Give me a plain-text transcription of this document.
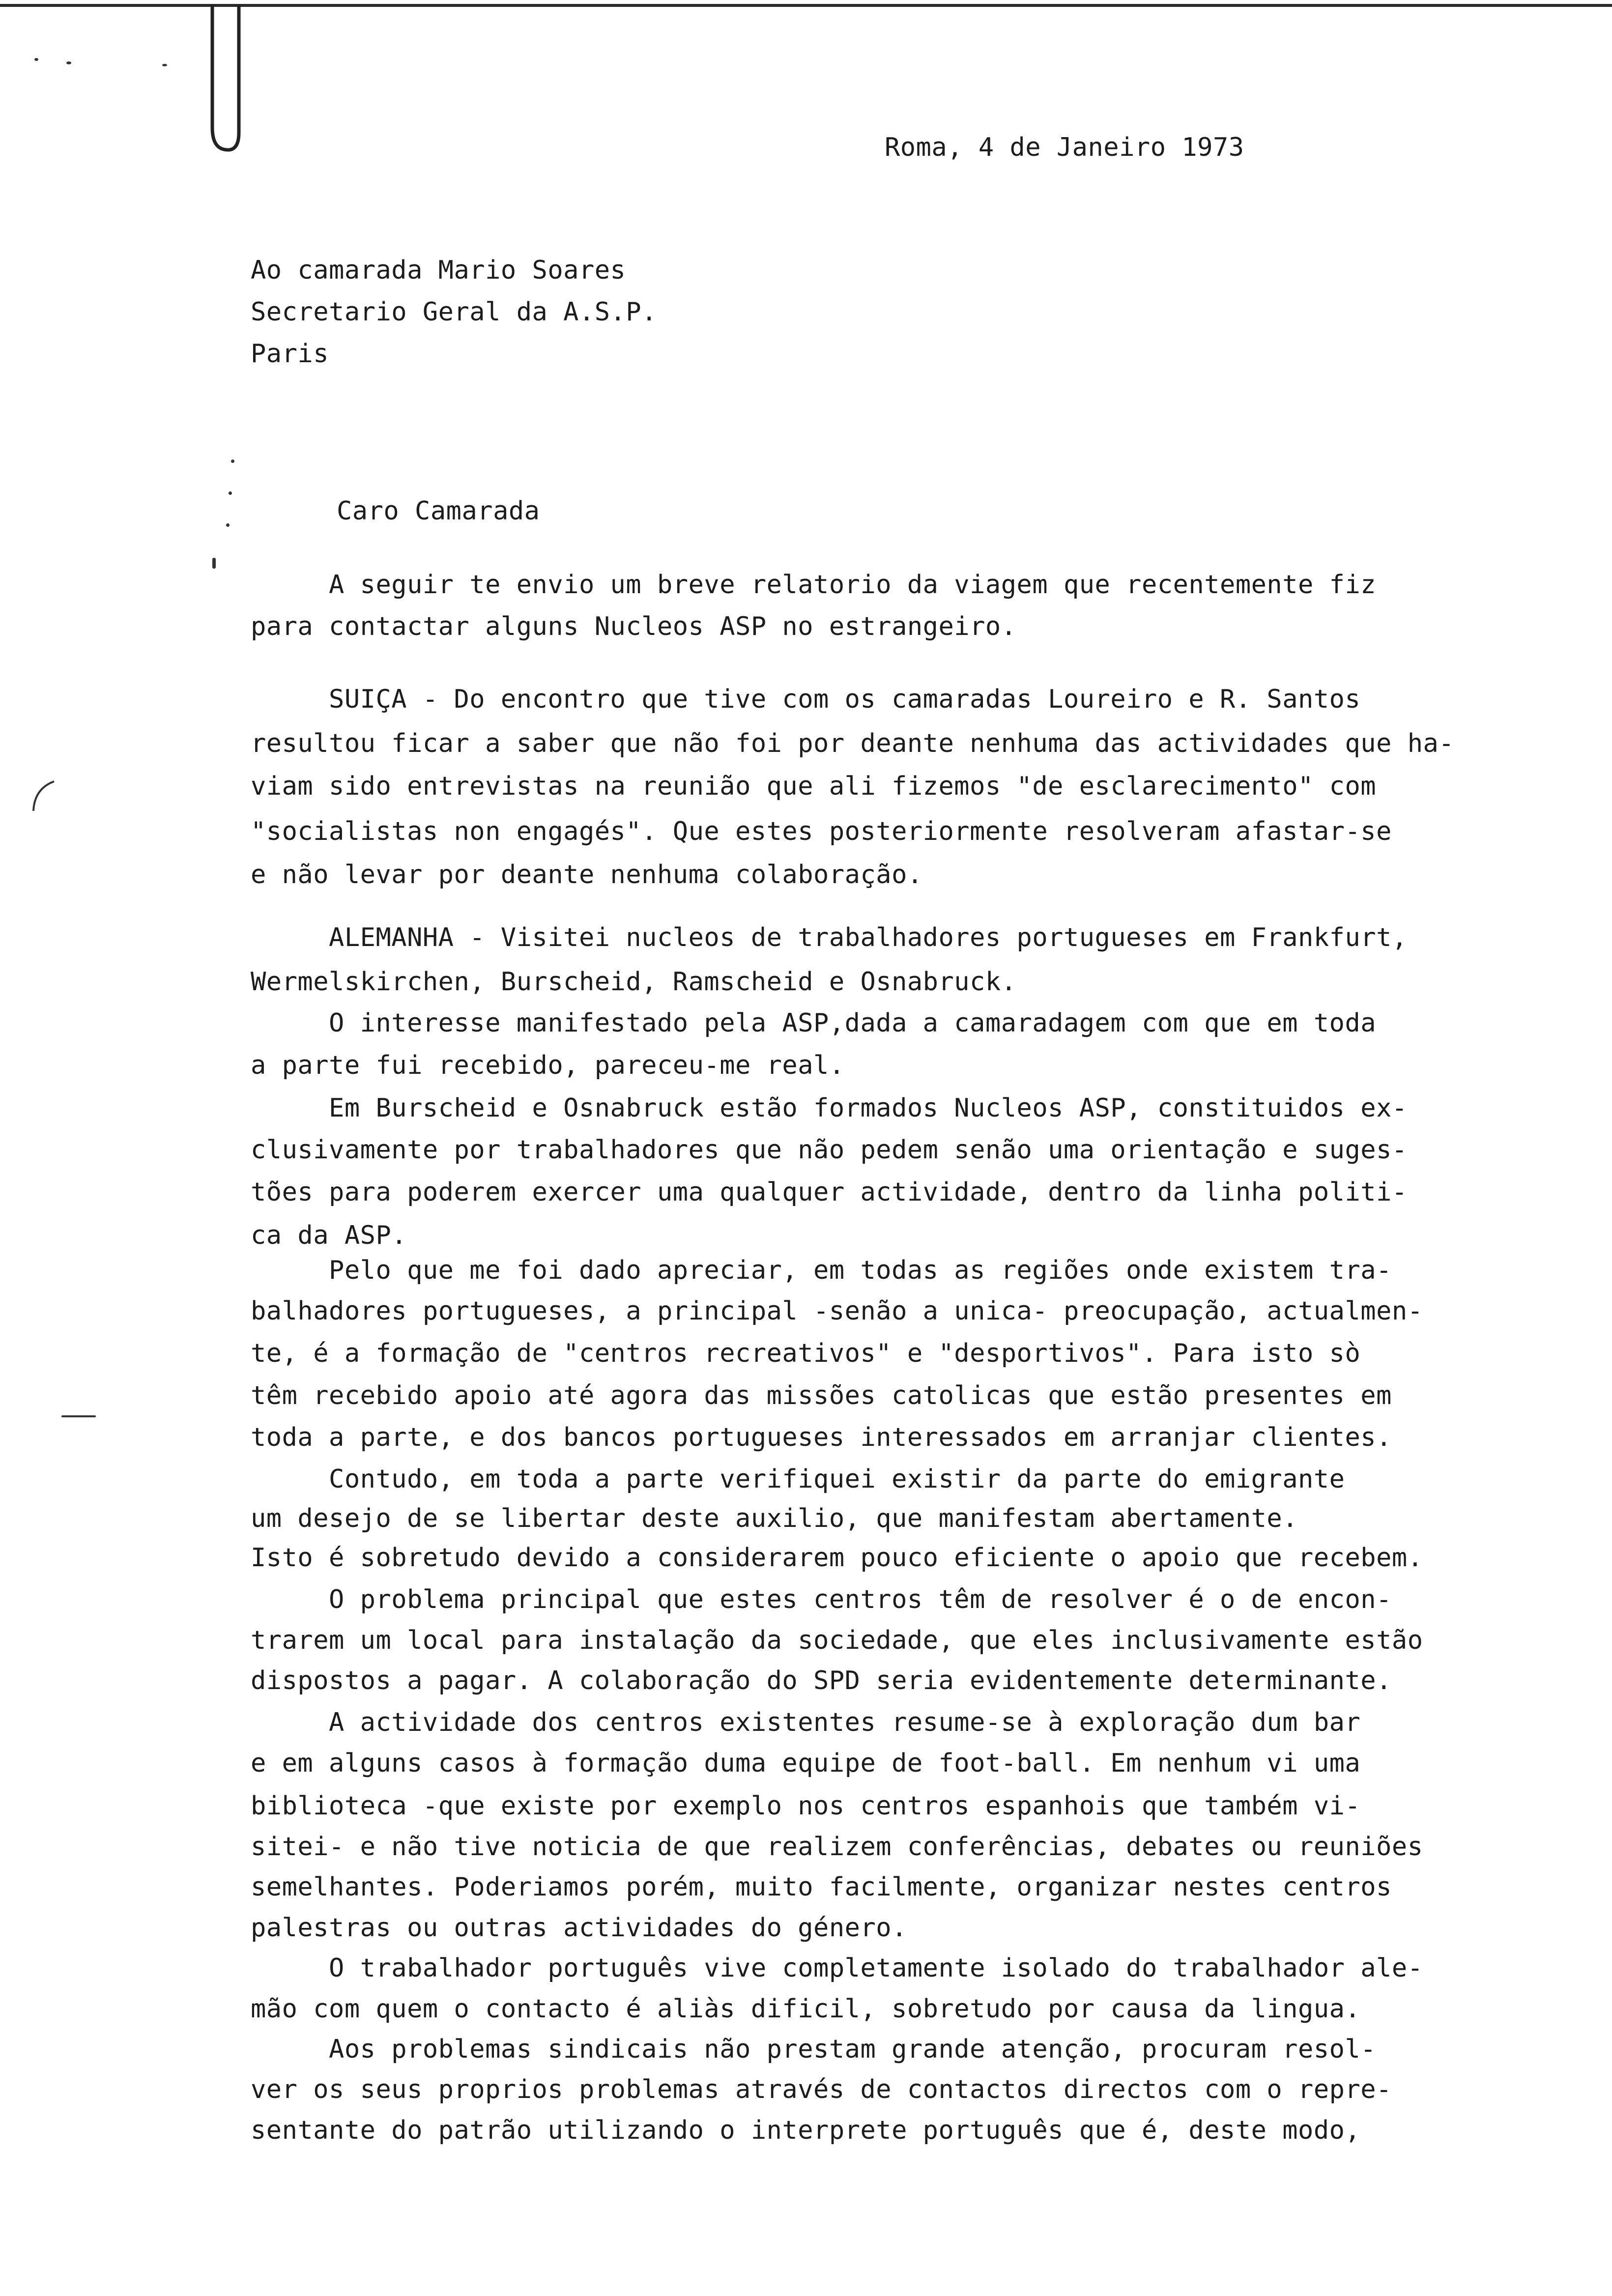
Roma, 4 de Janeiro 1973
Ao camarada Mario Soares
Secretario Geral da A.S.P.
Paris
Caro Camarada
A seguir te envio um breve relatorio da viagem que recentemente fiz
para contactar alguns Nucleos ASP no estrangeiro.
SUIÇA - Do encontro que tive com os camaradas Loureiro e R. Santos
resultou ficar a saber que não foi por deante nenhuma das actividades que ha-
viam sido entrevistas na reunião que ali fizemos "de esclarecimento" com
"socialistas non engagés". Que estes posteriormente resolveram afastar-se
e não levar por deante nenhuma colaboração.
ALEMANHA - Visitei nucleos de trabalhadores portugueses em Frankfurt,
Wermelskirchen, Burscheid, Ramscheid e Osnabruck.
O interesse manifestado pela ASP,dada a camaradagem com que em toda
a parte fui recebido, pareceu-me real.
Em Burscheid e Osnabruck estão formados Nucleos ASP, constituidos ex-
clusivamente por trabalhadores que não pedem senão uma orientação e suges-
tões para poderem exercer uma qualquer actividade, dentro da linha politi-
ca da ASP.
Pelo que me foi dado apreciar, em todas as regiões onde existem tra-
balhadores portugueses, a principal -senão a unica- preocupação, actualmen-
te, é a formação de "centros recreativos" e "desportivos". Para isto sò
têm recebido apoio até agora das missões catolicas que estão presentes em
toda a parte, e dos bancos portugueses interessados em arranjar clientes.
Contudo, em toda a parte verifiquei existir da parte do emigrante
um desejo de se libertar deste auxilio, que manifestam abertamente.
Isto é sobretudo devido a considerarem pouco eficiente o apoio que recebem.
O problema principal que estes centros têm de resolver é o de encon-
trarem um local para instalação da sociedade, que eles inclusivamente estão
dispostos a pagar. A colaboração do SPD seria evidentemente determinante.
A actividade dos centros existentes resume-se à exploração dum bar
e em alguns casos à formação duma equipe de foot-ball. Em nenhum vi uma
biblioteca -que existe por exemplo nos centros espanhois que também vi-
sitei- e não tive noticia de que realizem conferências, debates ou reuniões
semelhantes. Poderiamos porém, muito facilmente, organizar nestes centros
palestras ou outras actividades do género.
O trabalhador português vive completamente isolado do trabalhador ale-
mão com quem o contacto é aliàs dificil, sobretudo por causa da lingua.
Aos problemas sindicais não prestam grande atenção, procuram resol-
ver os seus proprios problemas através de contactos directos com o repre-
sentante do patrão utilizando o interprete português que é, deste modo,
